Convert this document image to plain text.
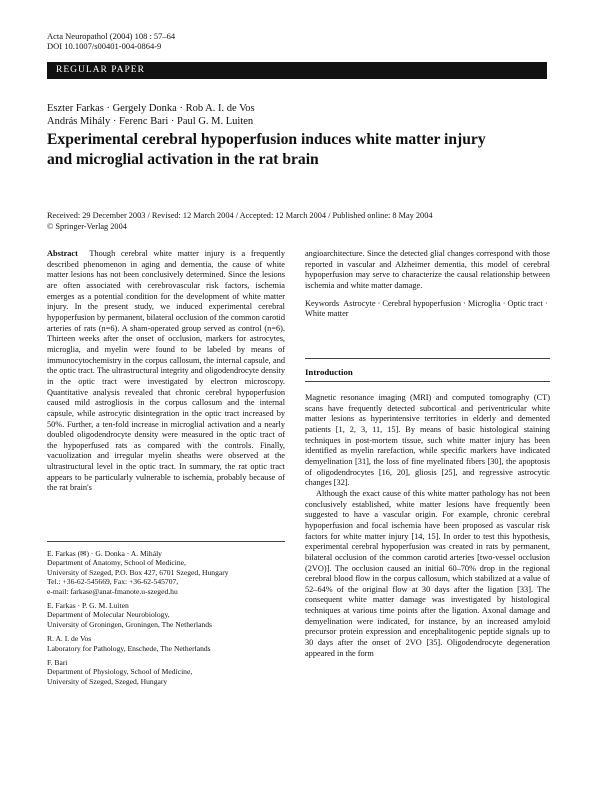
Acta Neuropathol (2004) 108 : 57–64
DOI 10.1007/s00401-004-0864-9
REGULAR PAPER
Eszter Farkas · Gergely Donka · Rob A. I. de Vos
András Mihály · Ferenc Bari · Paul G. M. Luiten
Experimental cerebral hypoperfusion induces white matter injury
and microglial activation in the rat brain
Received: 29 December 2003 / Revised: 12 March 2004 / Accepted: 12 March 2004 / Published online: 8 May 2004
© Springer-Verlag 2004

Abstract Though cerebral white matter injury is a frequently described phenomenon in aging and dementia, the cause of white matter lesions has not been conclusively determined. Since the lesions are often associated with cerebrovascular risk factors, ischemia emerges as a potential condition for the development of white matter injury. In the present study, we induced experimental cerebral hypoperfusion by permanent, bilateral occlusion of the common carotid arteries of rats (n=6). A sham-operated group served as control (n=6). Thirteen weeks after the onset of occlusion, markers for astrocytes, microglia, and myelin were found to be labeled by means of immunocytochemistry in the corpus callosum, the internal capsule, and the optic tract. The ultrastructural integrity and oligodendrocyte density in the optic tract were investigated by electron microscopy. Quantitative analysis revealed that chronic cerebral hypoperfusion caused mild astrogliosis in the corpus callosum and the internal capsule, while astrocytic disintegration in the optic tract increased by 50%. Further, a ten-fold increase in microglial activation and a nearly doubled oligodendrocyte density were measured in the optic tract of the hypoperfused rats as compared with the controls. Finally, vacuolization and irregular myelin sheaths were observed at the ultrastructural level in the optic tract. In summary, the rat optic tract appears to be particularly vulnerable to ischemia, probably because of the rat brain's

angioarchitecture. Since the detected glial changes correspond with those reported in vascular and Alzheimer dementia, this model of cerebral hypoperfusion may serve to characterize the causal relationship between ischemia and white matter damage.

Keywords Astrocyte · Cerebral hypoperfusion · Microglia · Optic tract · White matter

Introduction

Magnetic resonance imaging (MRI) and computed tomography (CT) scans have frequently detected subcortical and periventricular white matter lesions as hyperintensive territories in elderly and demented patients [1, 2, 3, 11, 15]. By means of basic histological staining techniques in post-mortem tissue, such white matter injury has been identified as myelin rarefaction, while specific markers have indicated demyelination [31], the loss of fine myelinated fibers [30], the apoptosis of oligodendrocytes [16, 20], gliosis [25], and regressive astrocytic changes [32].

Although the exact cause of this white matter pathology has not been conclusively established, white matter lesions have frequently been suggested to have a vascular origin. For example, chronic cerebral hypoperfusion and focal ischemia have been proposed as vascular risk factors for white matter injury [14, 15]. In order to test this hypothesis, experimental cerebral hypoperfusion was created in rats by permanent, bilateral occlusion of the common carotid arteries [two-vessel occlusion (2VO)]. The occlusion caused an initial 60–70% drop in the regional cerebral blood flow in the corpus callosum, which stabilized at a value of 52–64% of the original flow at 30 days after the ligation [33]. The consequent white matter damage was investigated by histological techniques at various time points after the ligation. Axonal damage and demyelination were indicated, for instance, by an increased amyloid precursor protein expression and encephalitogenic peptide signals up to 30 days after the onset of 2VO [35]. Oligodendrocyte degeneration appeared in the form

E. Farkas (✉) · G. Donka · A. Mihály
Department of Anatomy, School of Medicine,
University of Szeged, P.O. Box 427, 6701 Szeged, Hungary
Tel.: +36-62-545669, Fax: +36-62-545707,
e-mail: farkase@anat-fmanote.u-szeged.hu
E. Farkas · P. G. M. Luiten
Department of Molecular Neurobiology,
University of Groningen, Groningen, The Netherlands
R. A. I. de Vos
Laboratory for Pathology, Enschede, The Netherlands
F. Bari
Department of Physiology, School of Medicine,
University of Szeged, Szeged, Hungary
